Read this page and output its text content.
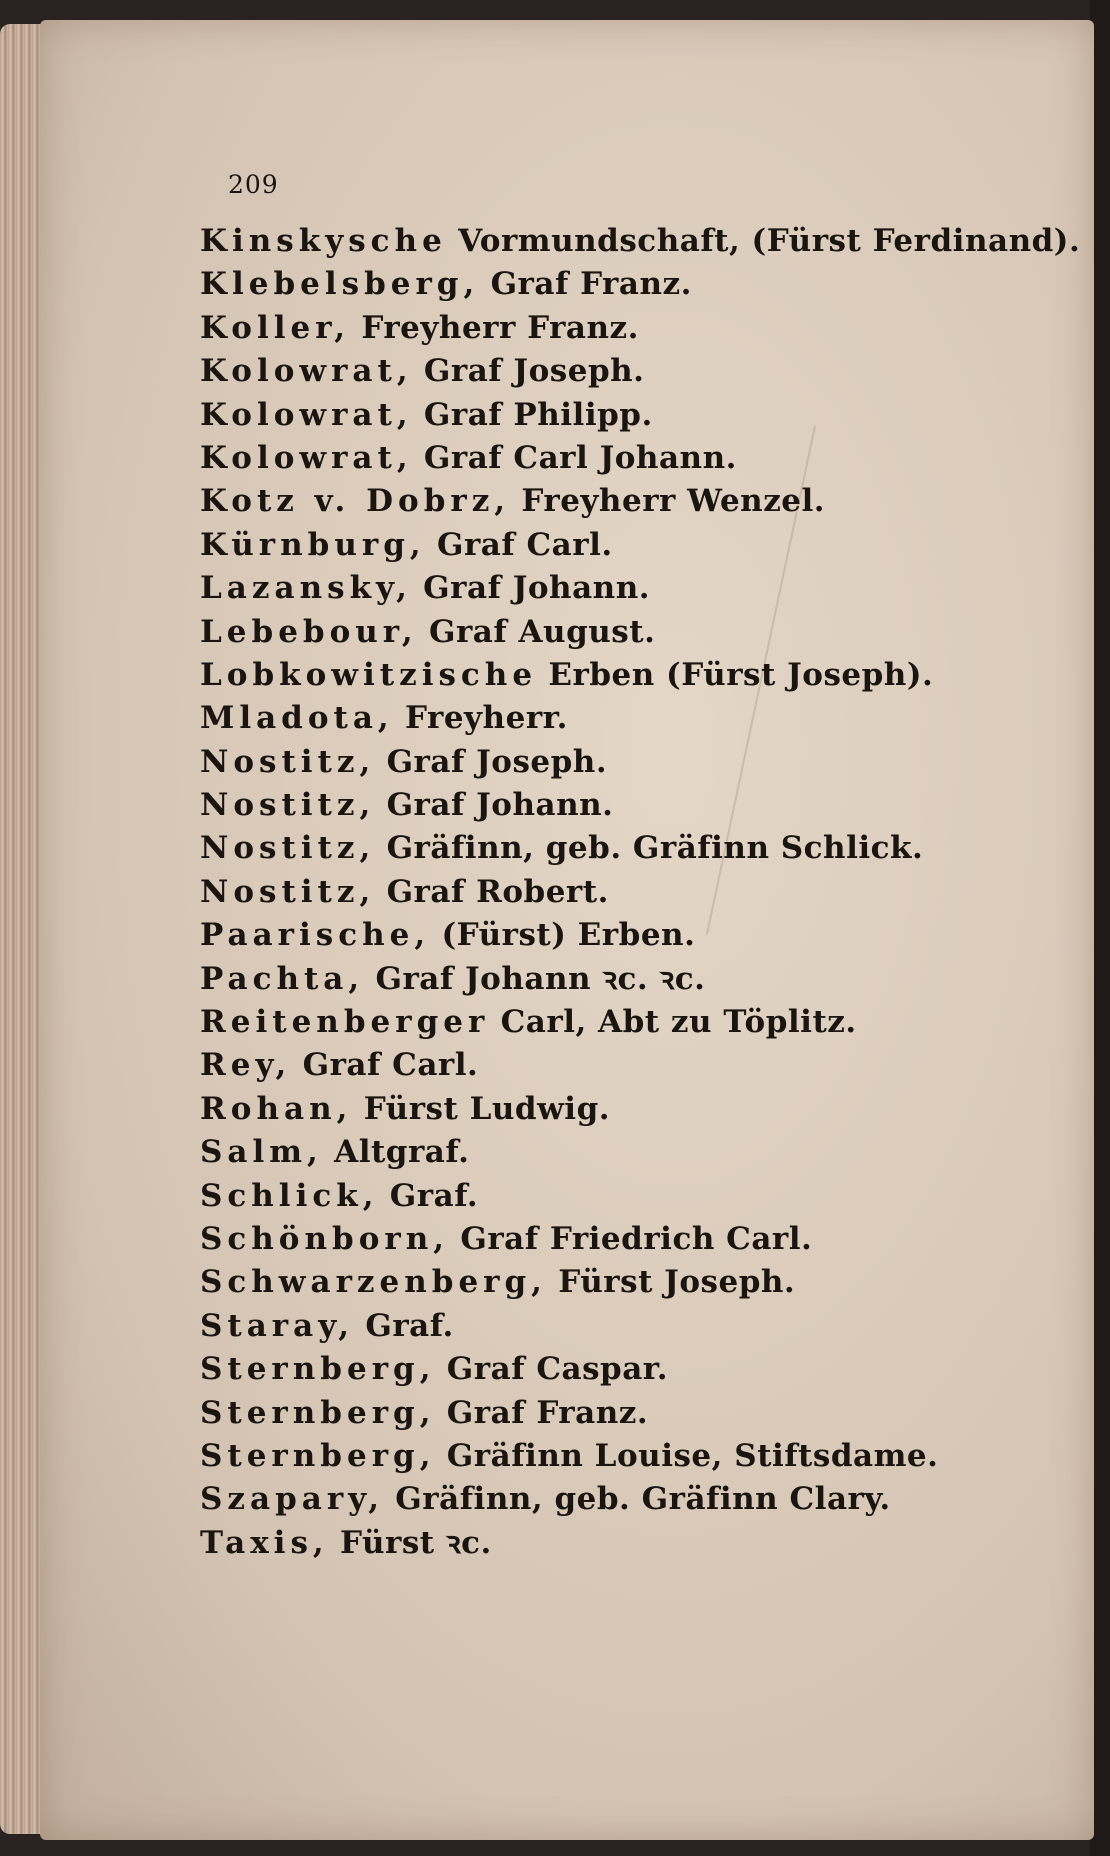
209
Kinskysche Vormundschaft, (Fürst Ferdinand).
Klebelsberg, Graf Franz.
Koller, Freyherr Franz.
Kolowrat, Graf Joseph.
Kolowrat, Graf Philipp.
Kolowrat, Graf Carl Johann.
Kotz v. Dobrz, Freyherr Wenzel.
Kürnburg, Graf Carl.
Lazansky, Graf Johann.
Lebebour, Graf August.
Lobkowitzische Erben (Fürst Joseph).
Mladota, Freyherr.
Nostitz, Graf Joseph.
Nostitz, Graf Johann.
Nostitz, Gräfinn, geb. Gräfinn Schlick.
Nostitz, Graf Robert.
Paarische, (Fürst) Erben.
Pachta, Graf Johann ꝛc. ꝛc.
Reitenberger Carl, Abt zu Töplitz.
Rey, Graf Carl.
Rohan, Fürst Ludwig.
Salm, Altgraf.
Schlick, Graf.
Schönborn, Graf Friedrich Carl.
Schwarzenberg, Fürst Joseph.
Staray, Graf.
Sternberg, Graf Caspar.
Sternberg, Graf Franz.
Sternberg, Gräfinn Louise, Stiftsdame.
Szapary, Gräfinn, geb. Gräfinn Clary.
Taxis, Fürst ꝛc.
